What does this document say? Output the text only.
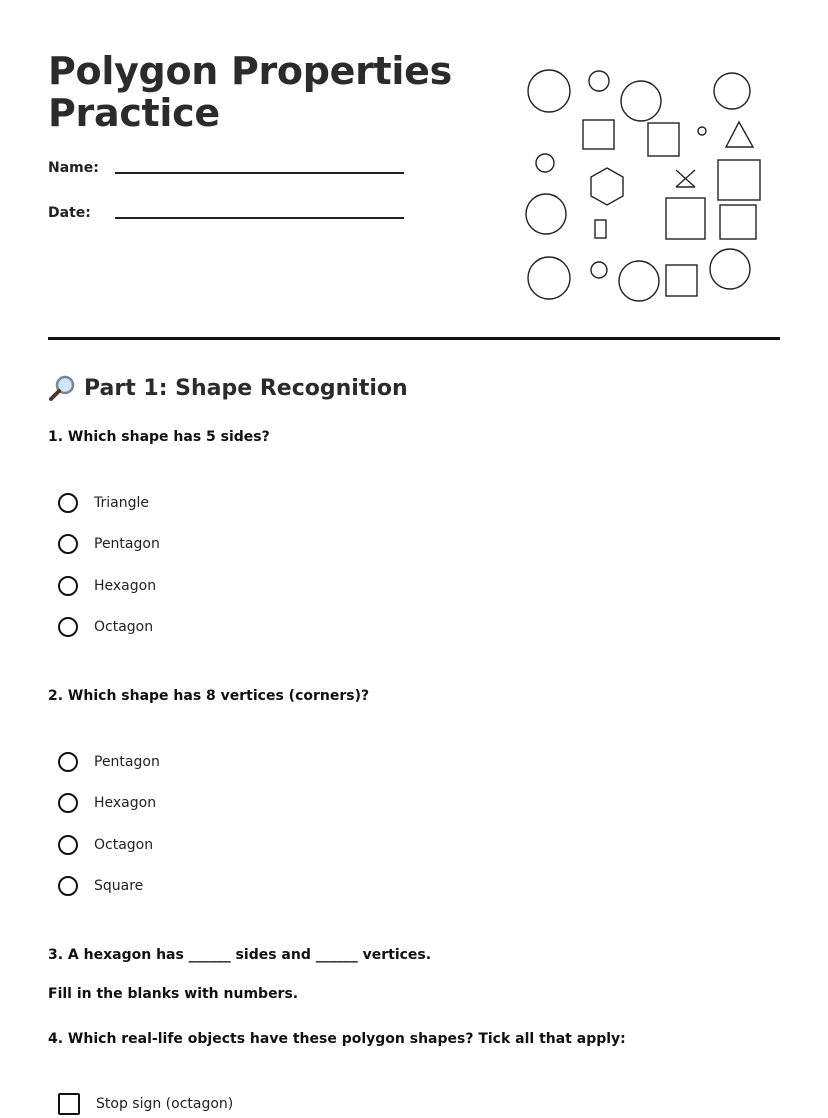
Polygon Properties
Practice
Name:
Date:
Part 1: Shape Recognition
1. Which shape has 5 sides?
Triangle
Pentagon
Hexagon
Octagon
2. Which shape has 8 vertices (corners)?
Pentagon
Hexagon
Octagon
Square
3. A hexagon has ______ sides and ______ vertices.
Fill in the blanks with numbers.
4. Which real-life objects have these polygon shapes? Tick all that apply:
Stop sign (octagon)
